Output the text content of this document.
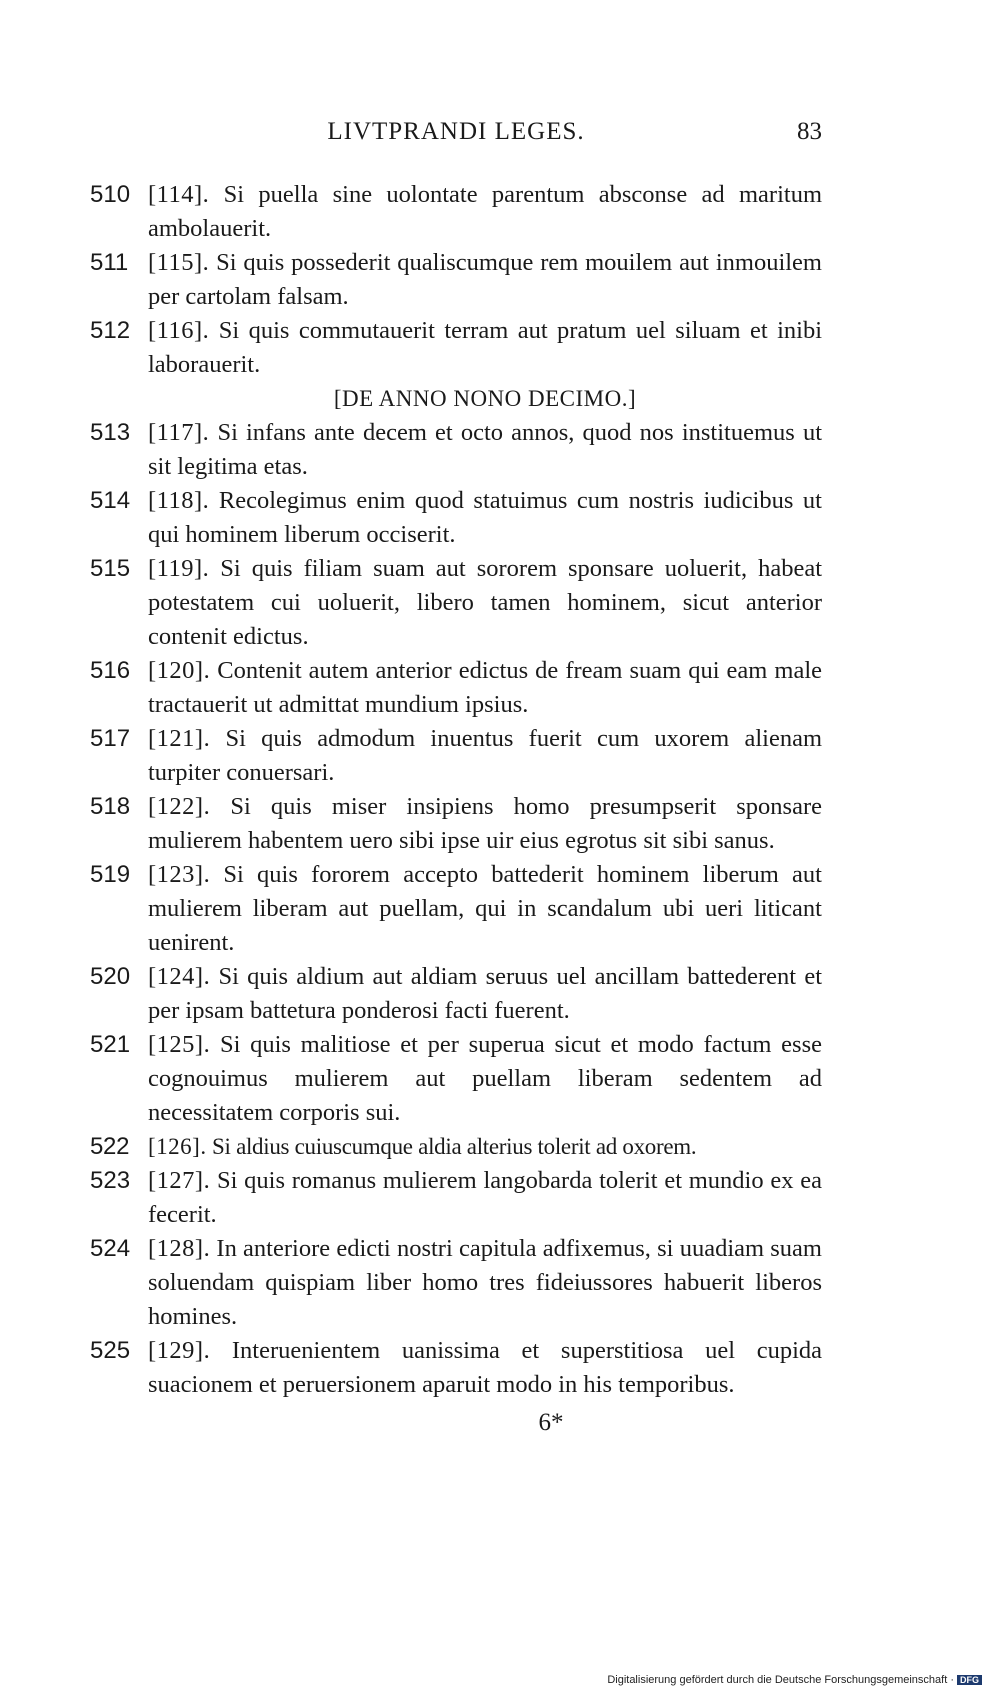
LIVTPRANDI LEGES.	83
510 [114]. Si puella sine uolontate parentum absconse ad maritum ambolauerit.
511 [115]. Si quis possederit qualiscumque rem mouilem aut inmouilem per cartolam falsam.
512 [116]. Si quis commutauerit terram aut pratum uel siluam et inibi laborauerit.
[DE ANNO NONO DECIMO.]
513 [117]. Si infans ante decem et octo annos, quod nos instituemus ut sit legitima etas.
514 [118]. Recolegimus enim quod statuimus cum nostris iudicibus ut qui hominem liberum occiserit.
515 [119]. Si quis filiam suam aut sororem sponsare uoluerit, habeat potestatem cui uoluerit, libero tamen hominem, sicut anterior contenit edictus.
516 [120]. Contenit autem anterior edictus de fream suam qui eam male tractauerit ut admittat mundium ipsius.
517 [121]. Si quis admodum inuentus fuerit cum uxorem alienam turpiter conuersari.
518 [122]. Si quis miser insipiens homo presumpserit sponsare mulierem habentem uero sibi ipse uir eius egrotus sit sibi sanus.
519 [123]. Si quis fororem accepto battederit hominem liberum aut mulierem liberam aut puellam, qui in scandalum ubi ueri liticant uenirent.
520 [124]. Si quis aldium aut aldiam seruus uel ancillam battederent et per ipsam battetura ponderosi facti fuerent.
521 [125]. Si quis malitiose et per superua sicut et modo factum esse cognouimus mulierem aut puellam liberam sedentem ad necessitatem corporis sui.
522 [126]. Si aldius cuiuscumque aldia alterius tolerit ad oxorem.
523 [127]. Si quis romanus mulierem langobarda tolerit et mundio ex ea fecerit.
524 [128]. In anteriore edicti nostri capitula adfixemus, si uuadiam suam soluendam quispiam liber homo tres fideiussores habuerit liberos homines.
525 [129]. Interuenientem uanissima et superstitiosa uel cupida suacionem et peruersionem aparuit modo in his temporibus.
6*
Digitalisierung gefördert durch die Deutsche Forschungsgemeinschaft · DFG
